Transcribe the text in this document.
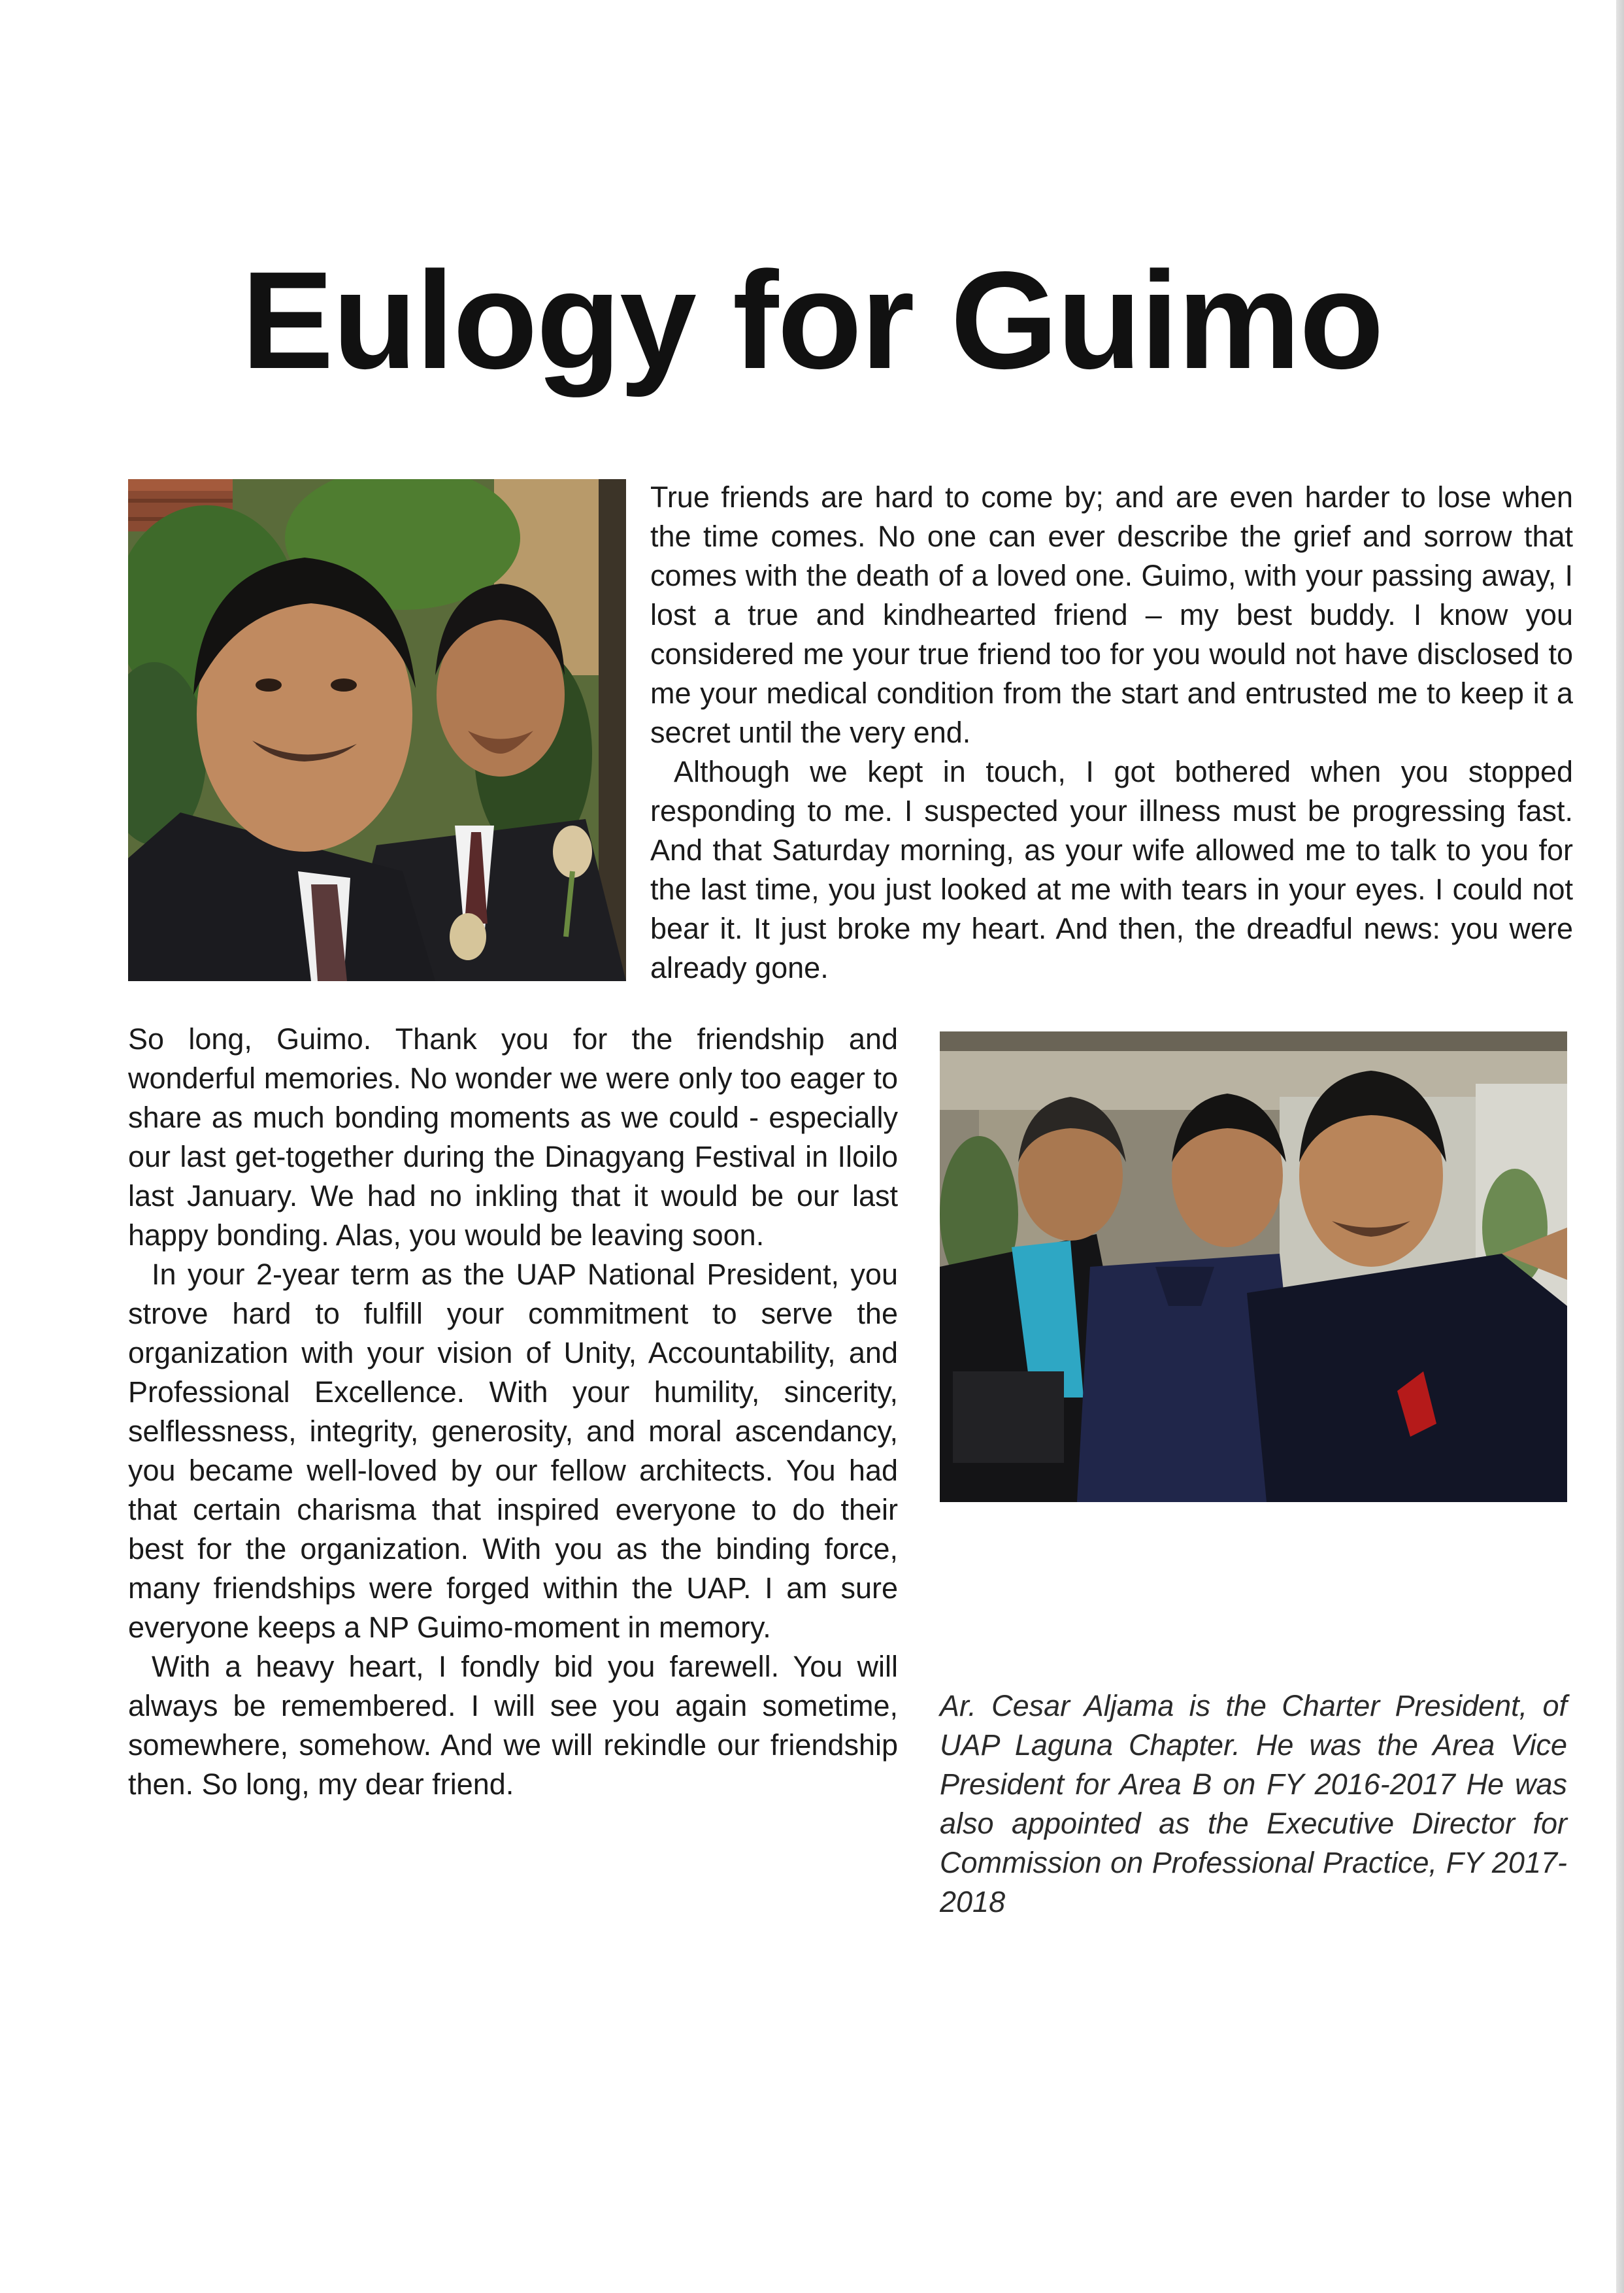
Eulogy for Guimo

True friends are hard to come by; and are even harder to lose when the time comes. No one can ever describe the grief and sorrow that comes with the death of a loved one. Guimo, with your passing away, I lost a true and kindhearted friend – my best buddy. I know you considered me your true friend too for you would not have disclosed to me your medical condition from the start and entrusted me to keep it a secret until the very end.

Although we kept in touch, I got bothered when you stopped responding to me. I suspected your illness must be progressing fast. And that Saturday morning, as your wife allowed me to talk to you for the last time, you just looked at me with tears in your eyes. I could not bear it. It just broke my heart. And then, the dreadful news: you were already gone.

So long, Guimo. Thank you for the friendship and wonderful memories. No wonder we were only too eager to share as much bonding moments as we could - especially our last get-together during the Dinagyang Festival in Iloilo last January. We had no inkling that it would be our last happy bonding. Alas, you would be leaving soon.

In your 2-year term as the UAP National President, you strove hard to fulfill your commitment to serve the organization with your vision of Unity, Accountability, and Professional Excellence. With your humility, sincerity, selflessness, integrity, generosity, and moral ascendancy, you became well-loved by our fellow architects. You had that certain charisma that inspired everyone to do their best for the organization. With you as the binding force, many friendships were forged within the UAP. I am sure everyone keeps a NP Guimo-moment in memory.

With a heavy heart, I fondly bid you farewell. You will always be remembered. I will see you again sometime, somewhere, somehow. And we will rekindle our friendship then. So long, my dear friend.

Ar. Cesar Aljama is the Charter President, of UAP Laguna Chapter. He was the Area Vice President for Area B on FY 2016-2017 He was also appointed as the Executive Director for Commission on Professional Practice, FY 2017-2018
